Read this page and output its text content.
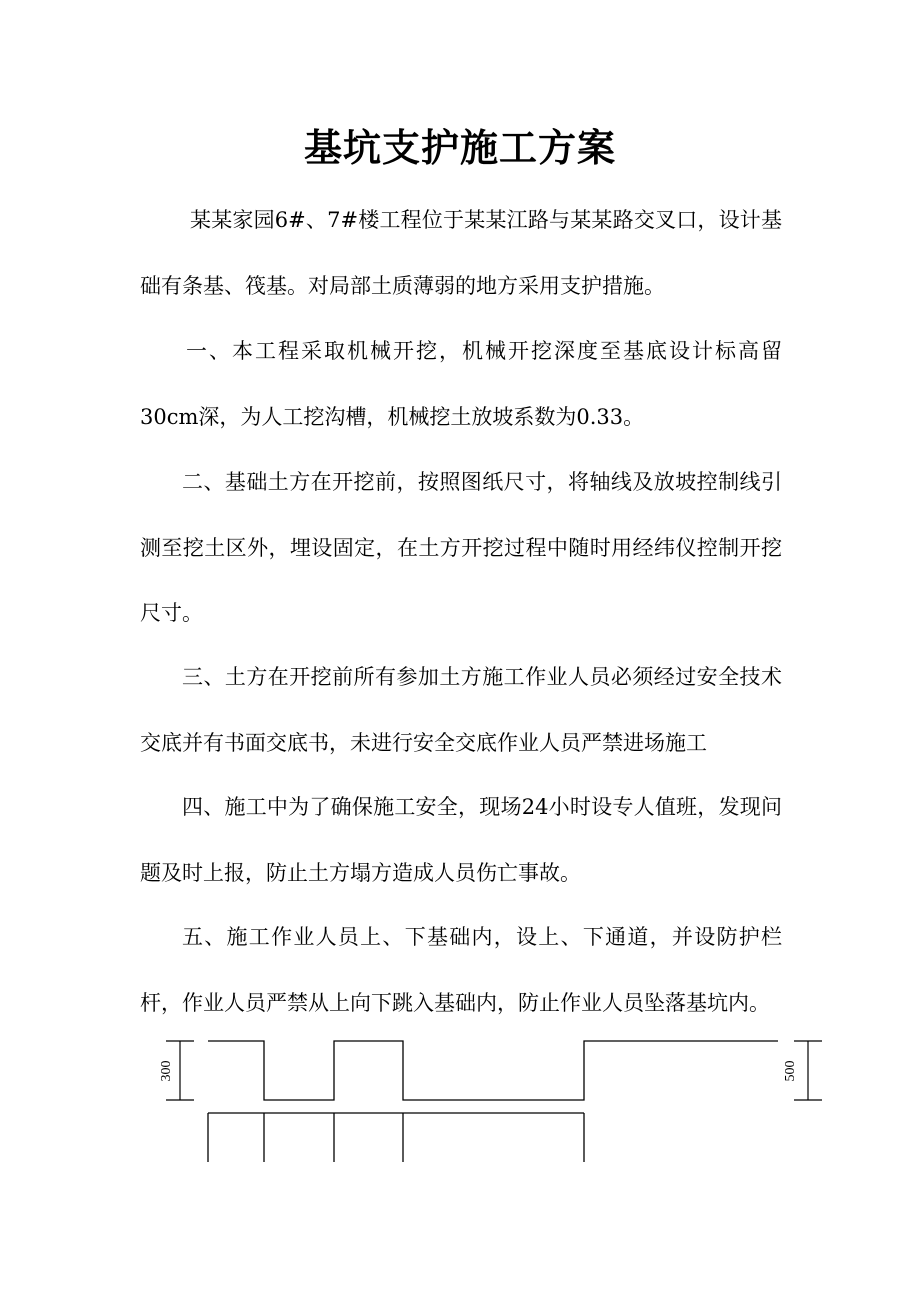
基坑支护施工方案

某某家园6#、7#楼工程位于某某江路与某某路交叉口，设计基础有条基、筏基。对局部土质薄弱的地方采用支护措施。

一、本工程采取机械开挖，机械开挖深度至基底设计标高留30cm深，为人工挖沟槽，机械挖土放坡系数为0.33。

二、基础土方在开挖前，按照图纸尺寸，将轴线及放坡控制线引测至挖土区外，埋设固定，在土方开挖过程中随时用经纬仪控制开挖尺寸。

三、土方在开挖前所有参加土方施工作业人员必须经过安全技术交底并有书面交底书，未进行安全交底作业人员严禁进场施工

四、施工中为了确保施工安全，现场24小时设专人值班，发现问题及时上报，防止土方塌方造成人员伤亡事故。

五、施工作业人员上、下基础内，设上、下通道，并设防护栏杆，作业人员严禁从上向下跳入基础内，防止作业人员坠落基坑内。

300	500
